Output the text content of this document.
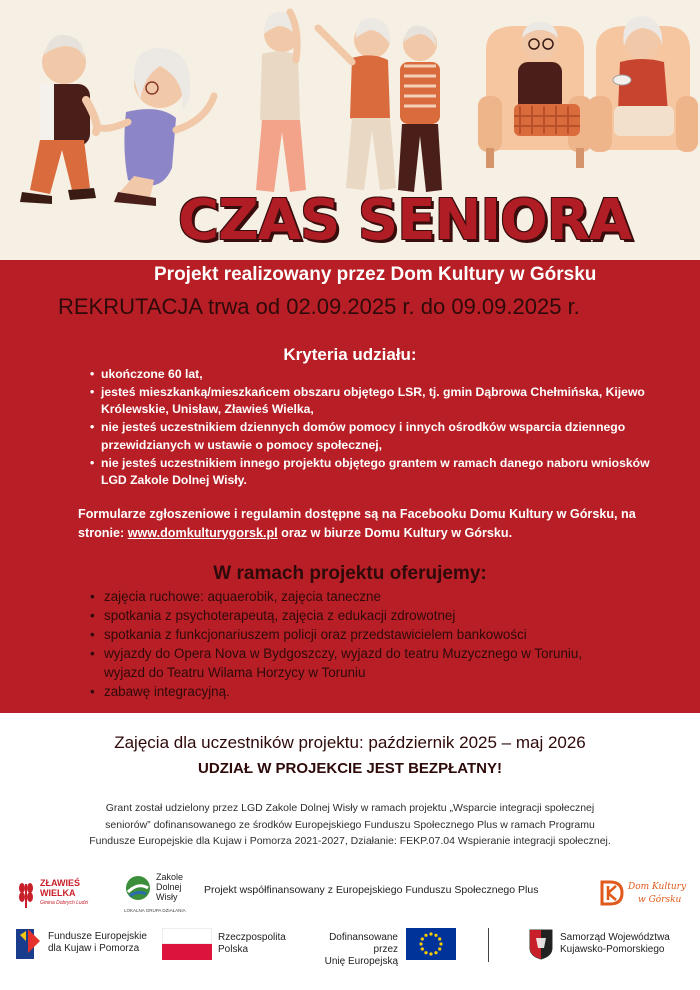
CZAS SENIORA
Projekt realizowany przez Dom Kultury w Górsku
REKRUTACJA trwa od 02.09.2025 r. do 09.09.2025 r.
Kryteria udziału:
• ukończone 60 lat,
• jesteś mieszkanką/mieszkańcem obszaru objętego LSR, tj. gmin Dąbrowa Chełmińska, Kijewo Królewskie, Unisław, Zławieś Wielka,
• nie jesteś uczestnikiem dziennych domów pomocy i innych ośrodków wsparcia dziennego przewidzianych w ustawie o pomocy społecznej,
• nie jesteś uczestnikiem innego projektu objętego grantem w ramach danego naboru wniosków LGD Zakole Dolnej Wisły.
Formularze zgłoszeniowe i regulamin dostępne są na Facebooku Domu Kultury w Górsku, na stronie: www.domkulturygorsk.pl oraz w biurze Domu Kultury w Górsku.
W ramach projektu oferujemy:
• zajęcia ruchowe: aquaerobik, zajęcia taneczne
• spotkania z psychoterapeutą, zajęcia z edukacji zdrowotnej
• spotkania z funkcjonariuszem policji oraz przedstawicielem bankowości
• wyjazdy do Opera Nova w Bydgoszczy, wyjazd do teatru Muzycznego w Toruniu, wyjazd do Teatru Wilama Horzycy w Toruniu
• zabawę integracyjną.
Zajęcia dla uczestników projektu: październik 2025 – maj 2026
UDZIAŁ W PROJEKCIE JEST BEZPŁATNY!
Grant został udzielony przez LGD Zakole Dolnej Wisły w ramach projektu „Wsparcie integracji społecznej
seniorów” dofinansowanego ze środków Europejskiego Funduszu Społecznego Plus w ramach Programu
Fundusze Europejskie dla Kujaw i Pomorza 2021-2027, Działanie: FEKP.07.04 Wspieranie integracji społecznej.
ZŁAWIEŚ
WIELKA
Gmina Dobrych Ludzi
Zakole
Dolnej
Wisły
LOKALNA GRUPA DZIAŁANIA
Projekt współfinansowany z Europejskiego Funduszu Społecznego Plus	Dom Kultury
w Górsku
Fundusze Europejskie
dla Kujaw i Pomorza
Rzeczpospolita
Polska
Dofinansowane przez
Unię Europejską
Samorząd Województwa
Kujawsko-Pomorskiego
